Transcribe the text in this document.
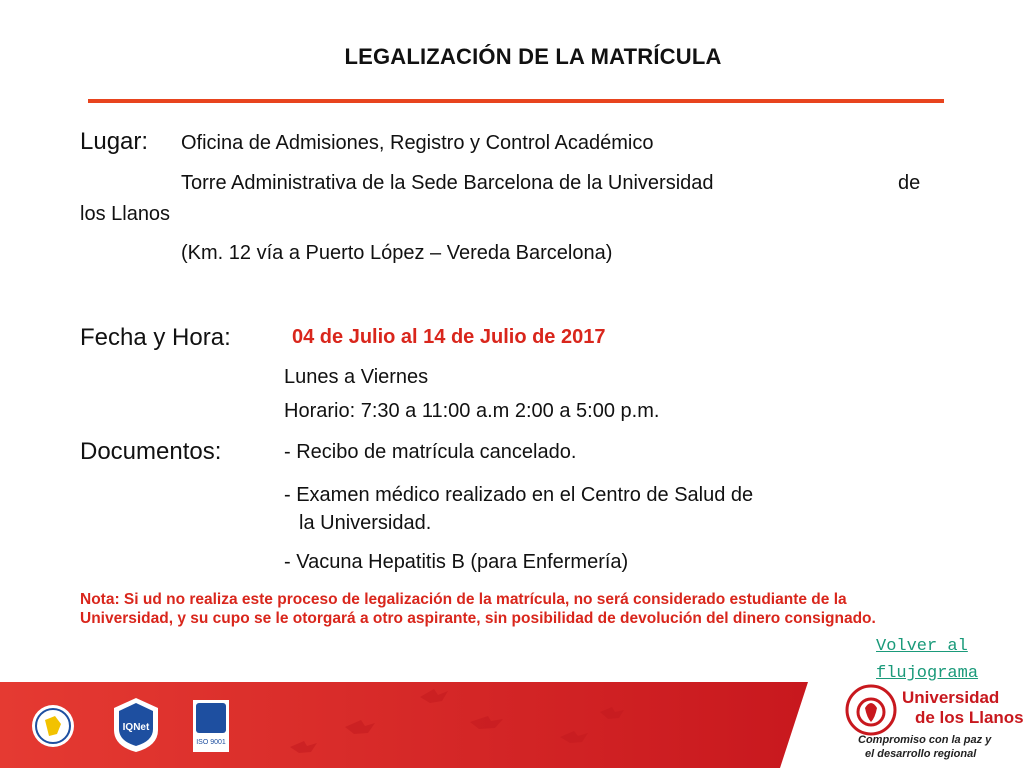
LEGALIZACIÓN DE LA MATRÍCULA
Lugar: Oficina de Admisiones, Registro y Control Académico
Torre Administrativa de la Sede Barcelona de la Universidad	de
los Llanos
(Km. 12 vía a Puerto López – Vereda Barcelona)
Fecha y Hora:	04 de Julio al 14 de Julio de 2017
Lunes a Viernes
Horario: 7:30 a 11:00 a.m 2:00 a 5:00 p.m.
Documentos:	- Recibo de matrícula cancelado.
- Examen médico realizado en el Centro de Salud de
la Universidad.
- Vacuna Hepatitis B (para Enfermería)
Nota: Si ud no realiza este proceso de legalización de la matrícula, no será considerado estudiante de la Universidad, y su cupo se le otorgará a otro aspirante, sin posibilidad de devolución del dinero consignado.
Volver al
flujograma
IQNet
ISO 9001
Universidad
de los Llanos
Compromiso con la paz y
el desarrollo regional
